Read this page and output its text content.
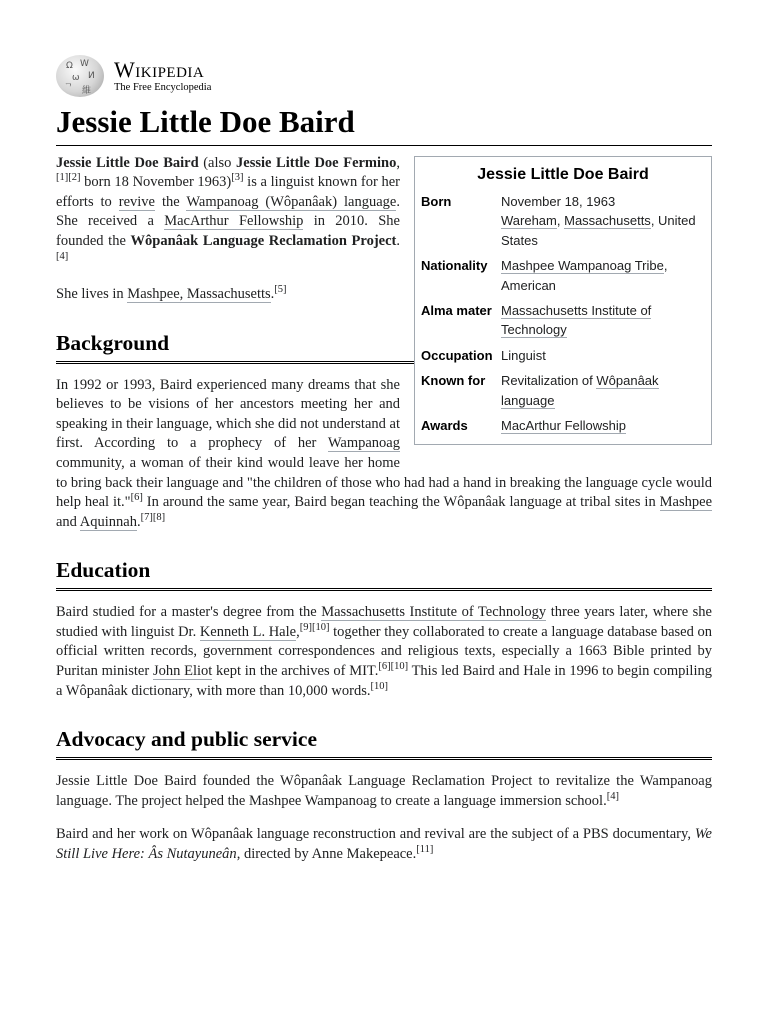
Ω W
И
ω
ᄀ 維
Wikipedia
The Free Encyclopedia
Jessie Little Doe Baird
Jessie Little Doe Baird
Born	November 18, 1963
Wareham, Massachusetts, United States
Nationality	Mashpee Wampanoag Tribe, American
Alma mater	Massachusetts Institute of Technology
Occupation	Linguist
Known for	Revitalization of Wôpanâak language
Awards	MacArthur Fellowship

Jessie Little Doe Baird (also Jessie Little Doe Fermino,[1][2] born 18 November 1963)[3] is a linguist known for her efforts to revive the Wampanoag (Wôpanâak) language. She received a MacArthur Fellowship in 2010. She founded the Wôpanâak Language Reclamation Project.[4]

She lives in Mashpee, Massachusetts.[5]

Background

In 1992 or 1993, Baird experienced many dreams that she believes to be visions of her ancestors meeting her and speaking in their language, which she did not understand at first. According to a prophecy of her Wampanoag community, a woman of their kind would leave her home to bring back their language and "the children of those who had had a hand in breaking the language cycle would help heal it."[6] In around the same year, Baird began teaching the Wôpanâak language at tribal sites in Mashpee and Aquinnah.[7][8]

Education

Baird studied for a master's degree from the Massachusetts Institute of Technology three years later, where she studied with linguist Dr. Kenneth L. Hale,[9][10] together they collaborated to create a language database based on official written records, government correspondences and religious texts, especially a 1663 Bible printed by Puritan minister John Eliot kept in the archives of MIT.[6][10] This led Baird and Hale in 1996 to begin compiling a Wôpanâak dictionary, with more than 10,000 words.[10]

Advocacy and public service

Jessie Little Doe Baird founded the Wôpanâak Language Reclamation Project to revitalize the Wampanoag language. The project helped the Mashpee Wampanoag to create a language immersion school.[4]

Baird and her work on Wôpanâak language reconstruction and revival are the subject of a PBS documentary, We Still Live Here: Âs Nutayuneân, directed by Anne Makepeace.[11]
